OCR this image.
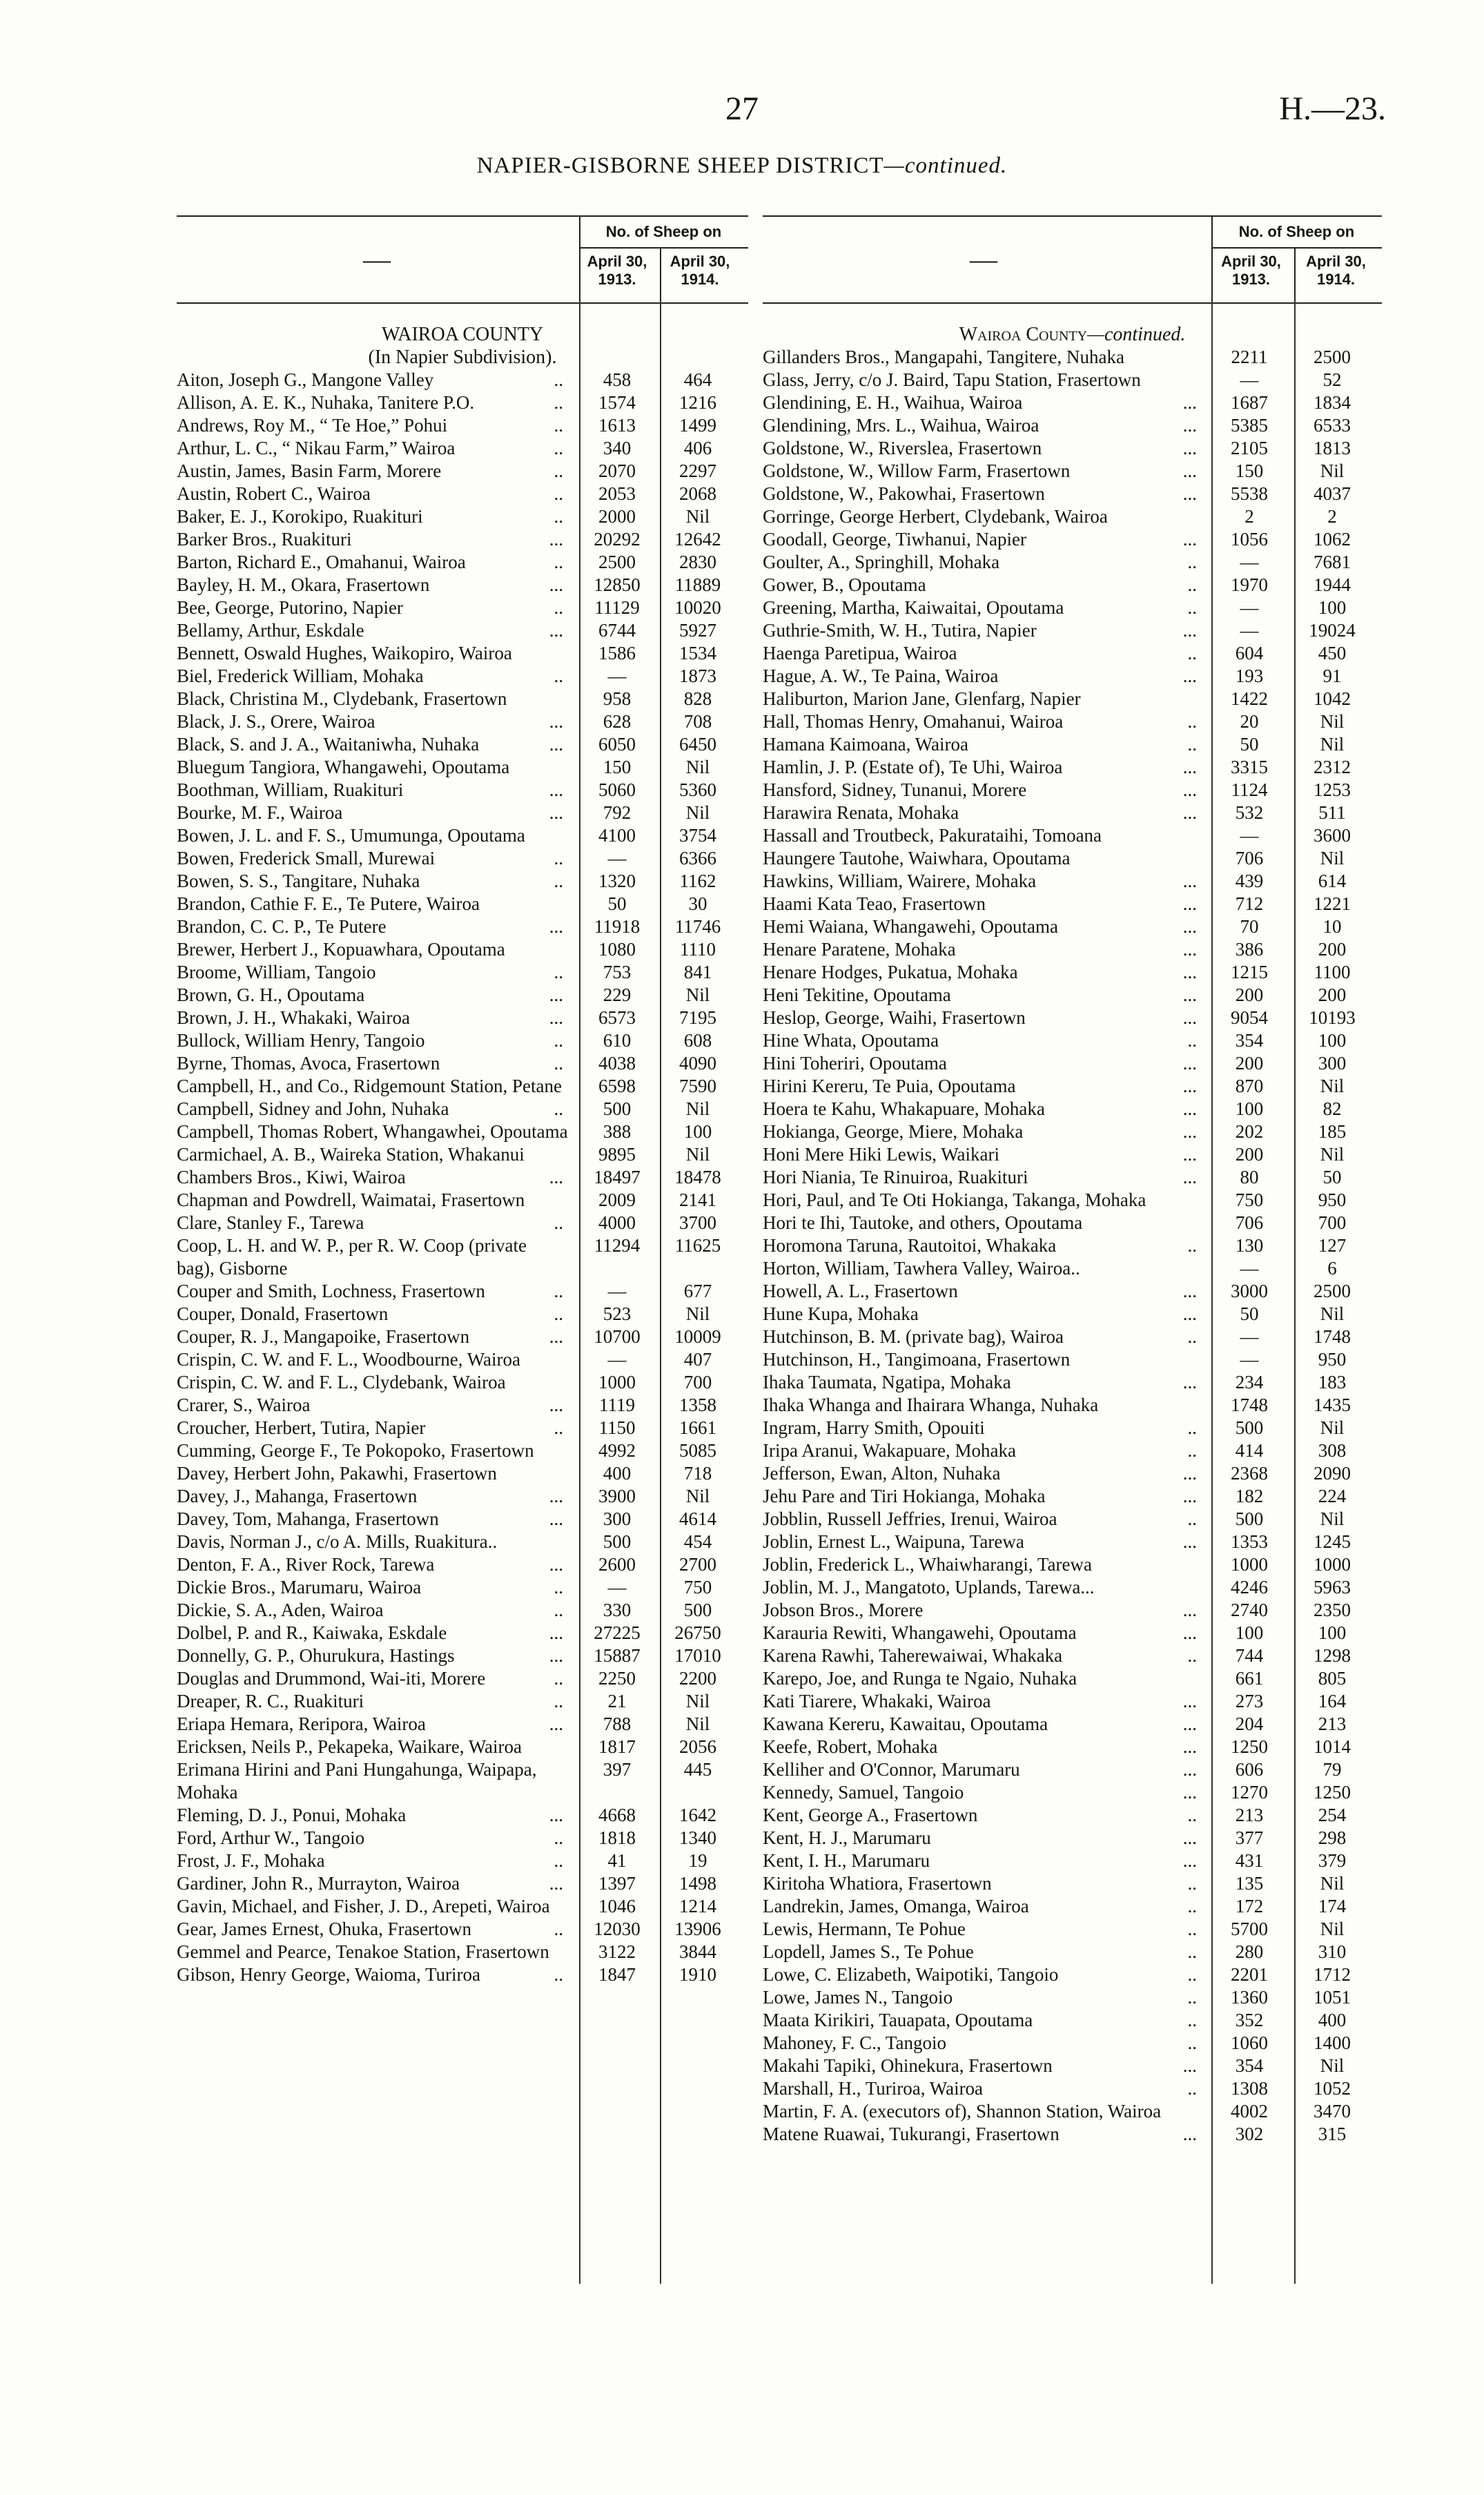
27	H.—23.
NAPIER-GISBORNE SHEEP DISTRICT—continued.
—
No. of Sheep on
April 30, 1913.
April 30, 1914.
WAIROA COUNTY
(In Napier Subdivision).
Aiton, Joseph G., Mangone Valley	..	458	464
Allison, A. E. K., Nuhaka, Tanitere P.O.	..	1574	1216
Andrews, Roy M., “ Te Hoe,” Pohui	..	1613	1499
Arthur, L. C., “ Nikau Farm,” Wairoa	..	340	406
Austin, James, Basin Farm, Morere	..	2070	2297
Austin, Robert C., Wairoa	..	2053	2068
Baker, E. J., Korokipo, Ruakituri	..	2000	Nil
Barker Bros., Ruakituri	...	20292	12642
Barton, Richard E., Omahanui, Wairoa	..	2500	2830
Bayley, H. M., Okara, Frasertown	...	12850	11889
Bee, George, Putorino, Napier	..	11129	10020
Bellamy, Arthur, Eskdale	...	6744	5927
Bennett, Oswald Hughes, Waikopiro, Wairoa	1586	1534
Biel, Frederick William, Mohaka	..	—	1873
Black, Christina M., Clydebank, Frasertown	958	828
Black, J. S., Orere, Wairoa	...	628	708
Black, S. and J. A., Waitaniwha, Nuhaka	...	6050	6450
Bluegum Tangiora, Whangawehi, Opoutama	150	Nil
Boothman, William, Ruakituri	...	5060	5360
Bourke, M. F., Wairoa	...	792	Nil
Bowen, J. L. and F. S., Umumunga, Opoutama	4100	3754
Bowen, Frederick Small, Murewai	..	—	6366
Bowen, S. S., Tangitare, Nuhaka	..	1320	1162
Brandon, Cathie F. E., Te Putere, Wairoa	50	30
Brandon, C. C. P., Te Putere	...	11918	11746
Brewer, Herbert J., Kopuawhara, Opoutama	1080	1110
Broome, William, Tangoio	..	753	841
Brown, G. H., Opoutama	...	229	Nil
Brown, J. H., Whakaki, Wairoa	...	6573	7195
Bullock, William Henry, Tangoio	..	610	608
Byrne, Thomas, Avoca, Frasertown	..	4038	4090
Campbell, H., and Co., Ridgemount Station, Petane	6598	7590
Campbell, Sidney and John, Nuhaka	..	500	Nil
Campbell, Thomas Robert, Whangawhei, Opoutama	388	100
Carmichael, A. B., Waireka Station, Whakanui	9895	Nil
Chambers Bros., Kiwi, Wairoa	...	18497	18478
Chapman and Powdrell, Waimatai, Frasertown	2009	2141
Clare, Stanley F., Tarewa	..	4000	3700
Coop, L. H. and W. P., per R. W. Coop (private bag), Gisborne
11294	11625
Couper and Smith, Lochness, Frasertown	..	—	677
Couper, Donald, Frasertown	..	523	Nil
Couper, R. J., Mangapoike, Frasertown	...	10700	10009
Crispin, C. W. and F. L., Woodbourne, Wairoa	—	407
Crispin, C. W. and F. L., Clydebank, Wairoa	1000	700
Crarer, S., Wairoa	...	1119	1358
Croucher, Herbert, Tutira, Napier	..	1150	1661
Cumming, George F., Te Pokopoko, Frasertown	4992	5085
Davey, Herbert John, Pakawhi, Frasertown	400	718
Davey, J., Mahanga, Frasertown	...	3900	Nil
Davey, Tom, Mahanga, Frasertown	...	300	4614
Davis, Norman J., c/o A. Mills, Ruakitura..	500	454
Denton, F. A., River Rock, Tarewa	...	2600	2700
Dickie Bros., Marumaru, Wairoa	..	—	750
Dickie, S. A., Aden, Wairoa	..	330	500
Dolbel, P. and R., Kaiwaka, Eskdale	...	27225	26750
Donnelly, G. P., Ohurukura, Hastings	...	15887	17010
Douglas and Drummond, Wai-iti, Morere	..	2250	2200
Dreaper, R. C., Ruakituri	..	21	Nil
Eriapa Hemara, Reripora, Wairoa	...	788	Nil
Ericksen, Neils P., Pekapeka, Waikare, Wairoa	1817	2056
Erimana Hirini and Pani Hungahunga, Waipapa, Mohaka
397	445
Fleming, D. J., Ponui, Mohaka	...	4668	1642
Ford, Arthur W., Tangoio	..	1818	1340
Frost, J. F., Mohaka	..	41	19
Gardiner, John R., Murrayton, Wairoa	...	1397	1498
Gavin, Michael, and Fisher, J. D., Arepeti, Wairoa	1046	1214
Gear, James Ernest, Ohuka, Frasertown	..	12030	13906
Gemmel and Pearce, Tenakoe Station, Frasertown	3122	3844
Gibson, Henry George, Waioma, Turiroa	..	1847	1910
—
No. of Sheep on
April 30, 1913.
April 30, 1914.
Wairoa County—continued.
Gillanders Bros., Mangapahi, Tangitere, Nuhaka	2211	2500
Glass, Jerry, c/o J. Baird, Tapu Station, Frasertown	—	52
Glendining, E. H., Waihua, Wairoa	...	1687	1834
Glendining, Mrs. L., Waihua, Wairoa	...	5385	6533
Goldstone, W., Riverslea, Frasertown	...	2105	1813
Goldstone, W., Willow Farm, Frasertown	...	150	Nil
Goldstone, W., Pakowhai, Frasertown	...	5538	4037
Gorringe, George Herbert, Clydebank, Wairoa	2	2
Goodall, George, Tiwhanui, Napier	...	1056	1062
Goulter, A., Springhill, Mohaka	..	—	7681
Gower, B., Opoutama	..	1970	1944
Greening, Martha, Kaiwaitai, Opoutama	..	—	100
Guthrie-Smith, W. H., Tutira, Napier	...	—	19024
Haenga Paretipua, Wairoa	..	604	450
Hague, A. W., Te Paina, Wairoa	...	193	91
Haliburton, Marion Jane, Glenfarg, Napier	1422	1042
Hall, Thomas Henry, Omahanui, Wairoa	..	20	Nil
Hamana Kaimoana, Wairoa	..	50	Nil
Hamlin, J. P. (Estate of), Te Uhi, Wairoa	...	3315	2312
Hansford, Sidney, Tunanui, Morere	...	1124	1253
Harawira Renata, Mohaka	...	532	511
Hassall and Troutbeck, Pakurataihi, Tomoana	—	3600
Haungere Tautohe, Waiwhara, Opoutama	706	Nil
Hawkins, William, Wairere, Mohaka	...	439	614
Haami Kata Teao, Frasertown	...	712	1221
Hemi Waiana, Whangawehi, Opoutama	...	70	10
Henare Paratene, Mohaka	...	386	200
Henare Hodges, Pukatua, Mohaka	...	1215	1100
Heni Tekitine, Opoutama	...	200	200
Heslop, George, Waihi, Frasertown	...	9054	10193
Hine Whata, Opoutama	..	354	100
Hini Toheriri, Opoutama	...	200	300
Hirini Kereru, Te Puia, Opoutama	...	870	Nil
Hoera te Kahu, Whakapuare, Mohaka	...	100	82
Hokianga, George, Miere, Mohaka	...	202	185
Honi Mere Hiki Lewis, Waikari	...	200	Nil
Hori Niania, Te Rinuiroa, Ruakituri	...	80	50
Hori, Paul, and Te Oti Hokianga, Takanga, Mohaka	750	950
Hori te Ihi, Tautoke, and others, Opoutama	706	700
Horomona Taruna, Rautoitoi, Whakaka	..	130	127
Horton, William, Tawhera Valley, Wairoa..	—	6
Howell, A. L., Frasertown	...	3000	2500
Hune Kupa, Mohaka	...	50	Nil
Hutchinson, B. M. (private bag), Wairoa	..	—	1748
Hutchinson, H., Tangimoana, Frasertown	—	950
Ihaka Taumata, Ngatipa, Mohaka	...	234	183
Ihaka Whanga and Ihairara Whanga, Nuhaka	1748	1435
Ingram, Harry Smith, Opouiti	..	500	Nil
Iripa Aranui, Wakapuare, Mohaka	..	414	308
Jefferson, Ewan, Alton, Nuhaka	...	2368	2090
Jehu Pare and Tiri Hokianga, Mohaka	...	182	224
Jobblin, Russell Jeffries, Irenui, Wairoa	..	500	Nil
Joblin, Ernest L., Waipuna, Tarewa	...	1353	1245
Joblin, Frederick L., Whaiwharangi, Tarewa	1000	1000
Joblin, M. J., Mangatoto, Uplands, Tarewa...	4246	5963
Jobson Bros., Morere	...	2740	2350
Karauria Rewiti, Whangawehi, Opoutama	...	100	100
Karena Rawhi, Taherewaiwai, Whakaka	..	744	1298
Karepo, Joe, and Runga te Ngaio, Nuhaka	661	805
Kati Tiarere, Whakaki, Wairoa	...	273	164
Kawana Kereru, Kawaitau, Opoutama	...	204	213
Keefe, Robert, Mohaka	...	1250	1014
Kelliher and O'Connor, Marumaru	...	606	79
Kennedy, Samuel, Tangoio	...	1270	1250
Kent, George A., Frasertown	..	213	254
Kent, H. J., Marumaru	...	377	298
Kent, I. H., Marumaru	...	431	379
Kiritoha Whatiora, Frasertown	..	135	Nil
Landrekin, James, Omanga, Wairoa	..	172	174
Lewis, Hermann, Te Pohue	..	5700	Nil
Lopdell, James S., Te Pohue	..	280	310
Lowe, C. Elizabeth, Waipotiki, Tangoio	..	2201	1712
Lowe, James N., Tangoio	..	1360	1051
Maata Kirikiri, Tauapata, Opoutama	..	352	400
Mahoney, F. C., Tangoio	..	1060	1400
Makahi Tapiki, Ohinekura, Frasertown	...	354	Nil
Marshall, H., Turiroa, Wairoa	..	1308	1052
Martin, F. A. (executors of), Shannon Station, Wairoa	4002	3470
Matene Ruawai, Tukurangi, Frasertown	...	302	315
